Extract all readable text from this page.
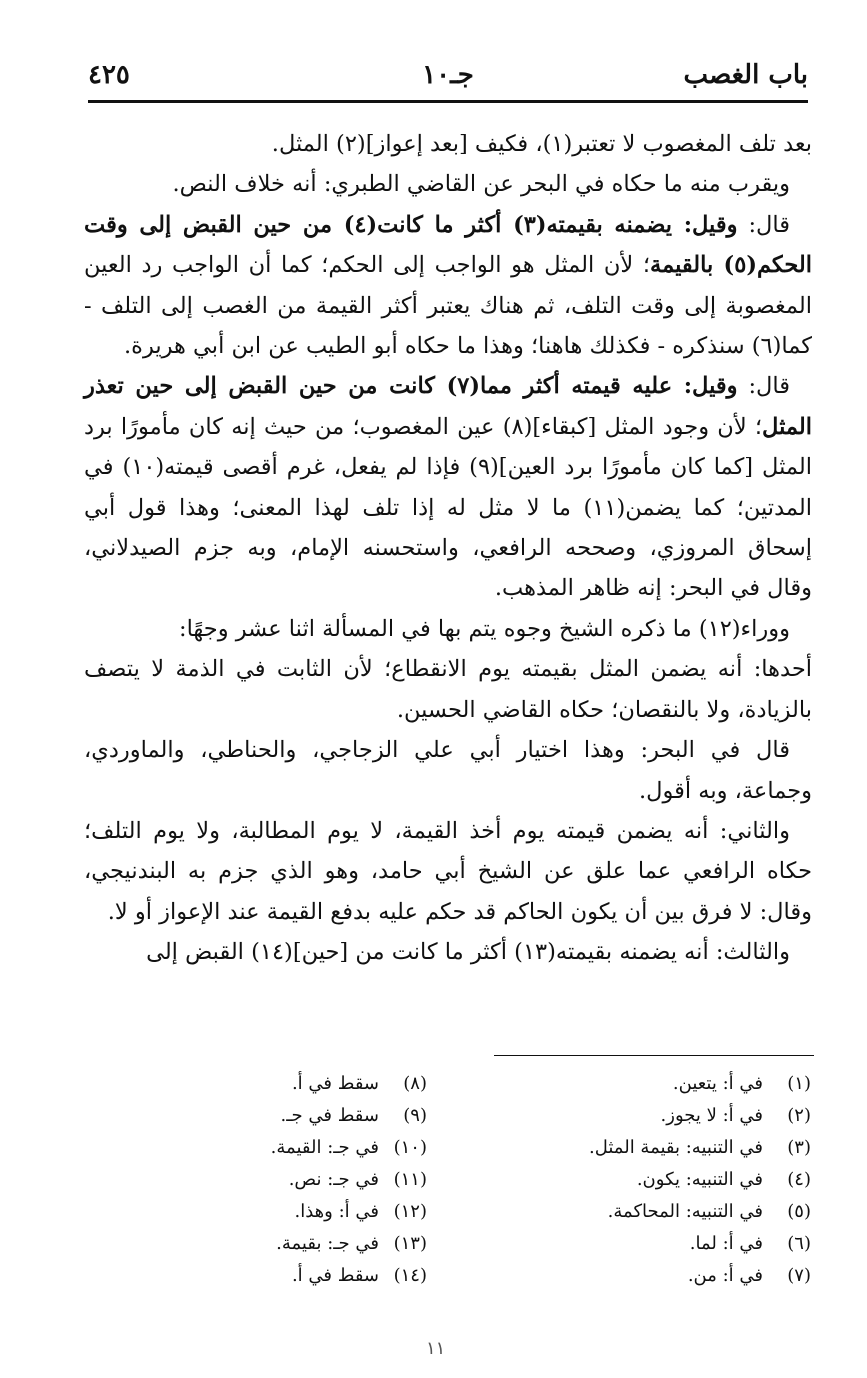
باب الغصب
جـ١٠
٤٢٥

بعد تلف المغصوب لا تعتبر(١)، فكيف [بعد إعواز](٢) المثل.

ويقرب منه ما حكاه في البحر عن القاضي الطبري: أنه خلاف النص.

قال: وقيل: يضمنه بقيمته(٣) أكثر ما كانت(٤) من حين القبض إلى وقت الحكم(٥) بالقيمة؛ لأن المثل هو الواجب إلى الحكم؛ كما أن الواجب رد العين المغصوبة إلى وقت التلف، ثم هناك يعتبر أكثر القيمة من الغصب إلى التلف - كما(٦) سنذكره - فكذلك هاهنا؛ وهذا ما حكاه أبو الطيب عن ابن أبي هريرة.

قال: وقيل: عليه قيمته أكثر مما(٧) كانت من حين القبض إلى حين تعذر المثل؛ لأن وجود المثل [كبقاء](٨) عين المغصوب؛ من حيث إنه كان مأمورًا برد المثل [كما كان مأمورًا برد العين](٩) فإذا لم يفعل، غرم أقصى قيمته(١٠) في المدتين؛ كما يضمن(١١) ما لا مثل له إذا تلف لهذا المعنى؛ وهذا قول أبي إسحاق المروزي، وصححه الرافعي، واستحسنه الإمام، وبه جزم الصيدلاني، وقال في البحر: إنه ظاهر المذهب.

ووراء(١٢) ما ذكره الشيخ وجوه يتم بها في المسألة اثنا عشر وجهًا:

أحدها: أنه يضمن المثل بقيمته يوم الانقطاع؛ لأن الثابت في الذمة لا يتصف بالزيادة، ولا بالنقصان؛ حكاه القاضي الحسين.

قال في البحر: وهذا اختيار أبي علي الزجاجي، والحناطي، والماوردي، وجماعة، وبه أقول.

والثاني: أنه يضمن قيمته يوم أخذ القيمة، لا يوم المطالبة، ولا يوم التلف؛ حكاه الرافعي عما علق عن الشيخ أبي حامد، وهو الذي جزم به البندنيجي، وقال: لا فرق بين أن يكون الحاكم قد حكم عليه بدفع القيمة عند الإعواز أو لا.

والثالث: أنه يضمنه بقيمته(١٣) أكثر ما كانت من [حين](١٤) القبض إلى

(١)في أ: يتعين.
(٢)في أ: لا يجوز.
(٣)في التنبيه: بقيمة المثل.
(٤)في التنبيه: يكون.
(٥)في التنبيه: المحاكمة.
(٦)في أ: لما.
(٧)في أ: من.
(٨)سقط في أ.
(٩)سقط في جـ.
(١٠)في جـ: القيمة.
(١١)في جـ: نص.
(١٢)في أ: وهذا.
(١٣)في جـ: بقيمة.
(١٤)سقط في أ.
١١
